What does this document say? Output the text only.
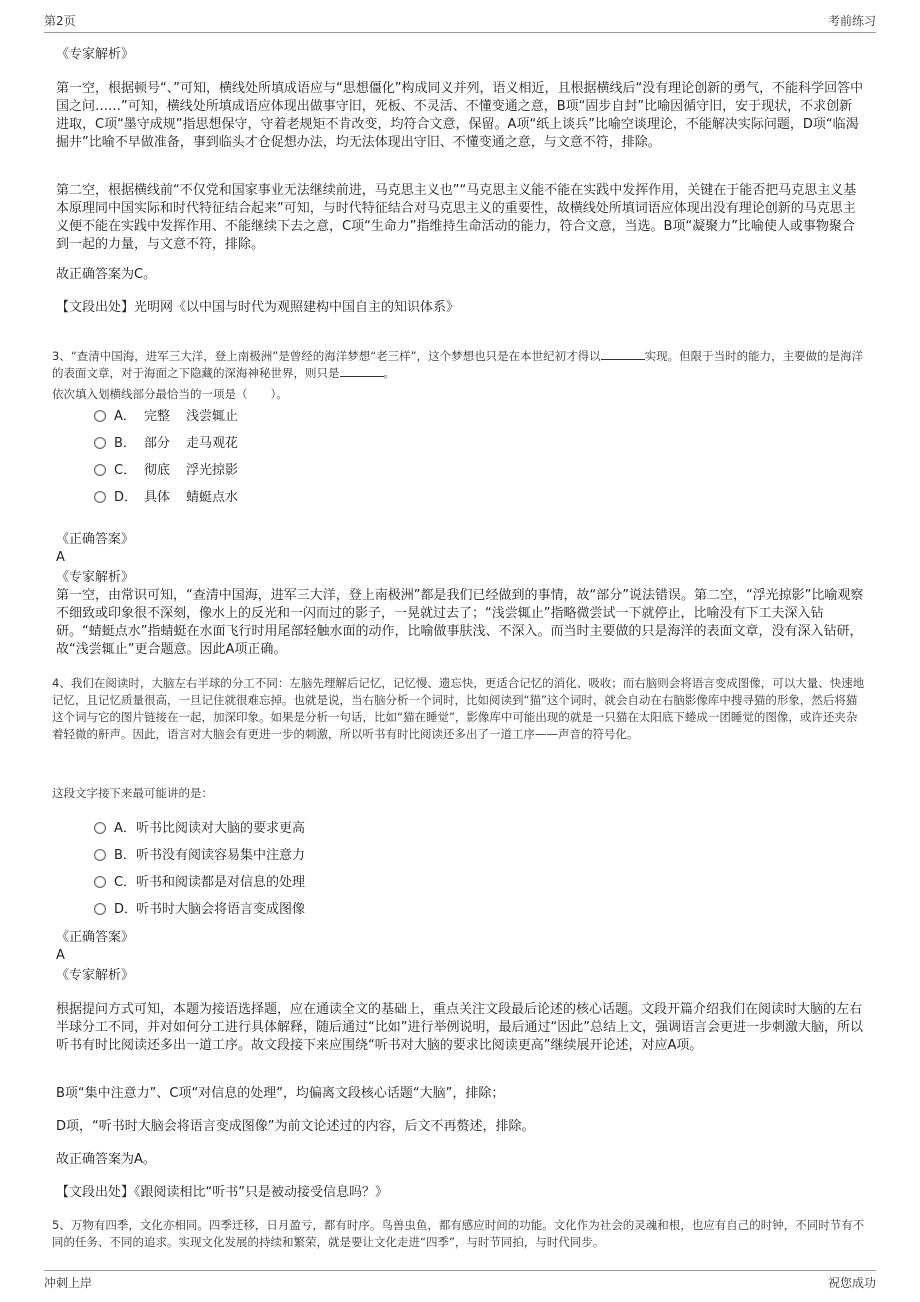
第2页	考前练习
《专家解析》
第一空，根据顿号“、”可知，横线处所填成语应与“思想僵化”构成同义并列，语义相近，且根据横线后“没有理论创新的勇气，不能科学回答中国之问……”可知，横线处所填成语应体现出做事守旧，死板、不灵活、不懂变通之意，B项“固步自封”比喻因循守旧，安于现状，不求创新进取，C项“墨守成规”指思想保守，守着老规矩不肯改变，均符合文意，保留。A项“纸上谈兵”比喻空谈理论，不能解决实际问题，D项“临渴掘井”比喻不早做准备，事到临头才仓促想办法，均无法体现出守旧、不懂变通之意，与文意不符，排除。
第二空，根据横线前“不仅党和国家事业无法继续前进，马克思主义也”“马克思主义能不能在实践中发挥作用，关键在于能否把马克思主义基本原理同中国实际和时代特征结合起来”可知，与时代特征结合对马克思主义的重要性，故横线处所填词语应体现出没有理论创新的马克思主义便不能在实践中发挥作用、不能继续下去之意，C项“生命力”指维持生命活动的能力，符合文意，当选。B项“凝聚力”比喻使人或事物聚合到一起的力量，与文意不符，排除。
故正确答案为C。
【文段出处】光明网《以中国与时代为观照建构中国自主的知识体系》
3、“查清中国海，进军三大洋，登上南极洲”是曾经的海洋梦想“老三样”，这个梦想也只是在本世纪初才得以	实现。但限于当时的能力，主要做的是海洋的表面文章，对于海面之下隐藏的深海神秘世界，则只是	。
依次填入划横线部分最恰当的一项是（　　）。
A． 完整 浅尝辄止
B． 部分 走马观花
C． 彻底 浮光掠影
D． 具体 蜻蜓点水
《正确答案》
A
《专家解析》
第一空，由常识可知，“查清中国海，进军三大洋，登上南极洲”都是我们已经做到的事情，故“部分”说法错误。第二空，“浮光掠影”比喻观察不细致或印象很不深刻，像水上的反光和一闪而过的影子，一晃就过去了；“浅尝辄止”指略微尝试一下就停止，比喻没有下工夫深入钻研。“蜻蜓点水”指蜻蜓在水面飞行时用尾部轻触水面的动作，比喻做事肤浅、不深入。而当时主要做的只是海洋的表面文章，没有深入钻研，故“浅尝辄止”更合题意。因此A项正确。
4、我们在阅读时，大脑左右半球的分工不同：左脑先理解后记忆，记忆慢、遗忘快，更适合记忆的消化、吸收；而右脑则会将语言变成图像，可以大量、快速地记忆，且记忆质量很高，一旦记住就很难忘掉。也就是说，当右脑分析一个词时，比如阅读到“猫”这个词时，就会自动在右脑影像库中搜寻猫的形象，然后将猫这个词与它的图片链接在一起，加深印象。如果是分析一句话，比如“猫在睡觉”，影像库中可能出现的就是一只猫在太阳底下蜷成一团睡觉的图像，或许还夹杂着轻微的鼾声。因此，语言对大脑会有更进一步的刺激，所以听书有时比阅读还多出了一道工序——声音的符号化。
这段文字接下来最可能讲的是：
A．听书比阅读对大脑的要求更高
B．听书没有阅读容易集中注意力
C．听书和阅读都是对信息的处理
D．听书时大脑会将语言变成图像
《正确答案》
A
《专家解析》
根据提问方式可知，本题为接语选择题，应在通读全文的基础上，重点关注文段最后论述的核心话题。文段开篇介绍我们在阅读时大脑的左右半球分工不同，并对如何分工进行具体解释，随后通过“比如”进行举例说明，最后通过“因此”总结上文，强调语言会更进一步刺激大脑，所以听书有时比阅读还多出一道工序。故文段接下来应围绕“听书对大脑的要求比阅读更高”继续展开论述，对应A项。
B项“集中注意力”、C项“对信息的处理”，均偏离文段核心话题“大脑”，排除；
D项，“听书时大脑会将语言变成图像”为前文论述过的内容，后文不再赘述，排除。
故正确答案为A。
【文段出处】《跟阅读相比“听书”只是被动接受信息吗？》
5、万物有四季，文化亦相同。四季迁移，日月盈亏，都有时序。鸟兽虫鱼，都有感应时间的功能。文化作为社会的灵魂和根，也应有自己的时钟，不同时节有不同的任务、不同的追求。实现文化发展的持续和繁荣，就是要让文化走进“四季”，与时节同拍，与时代同步。
冲刺上岸	祝您成功
